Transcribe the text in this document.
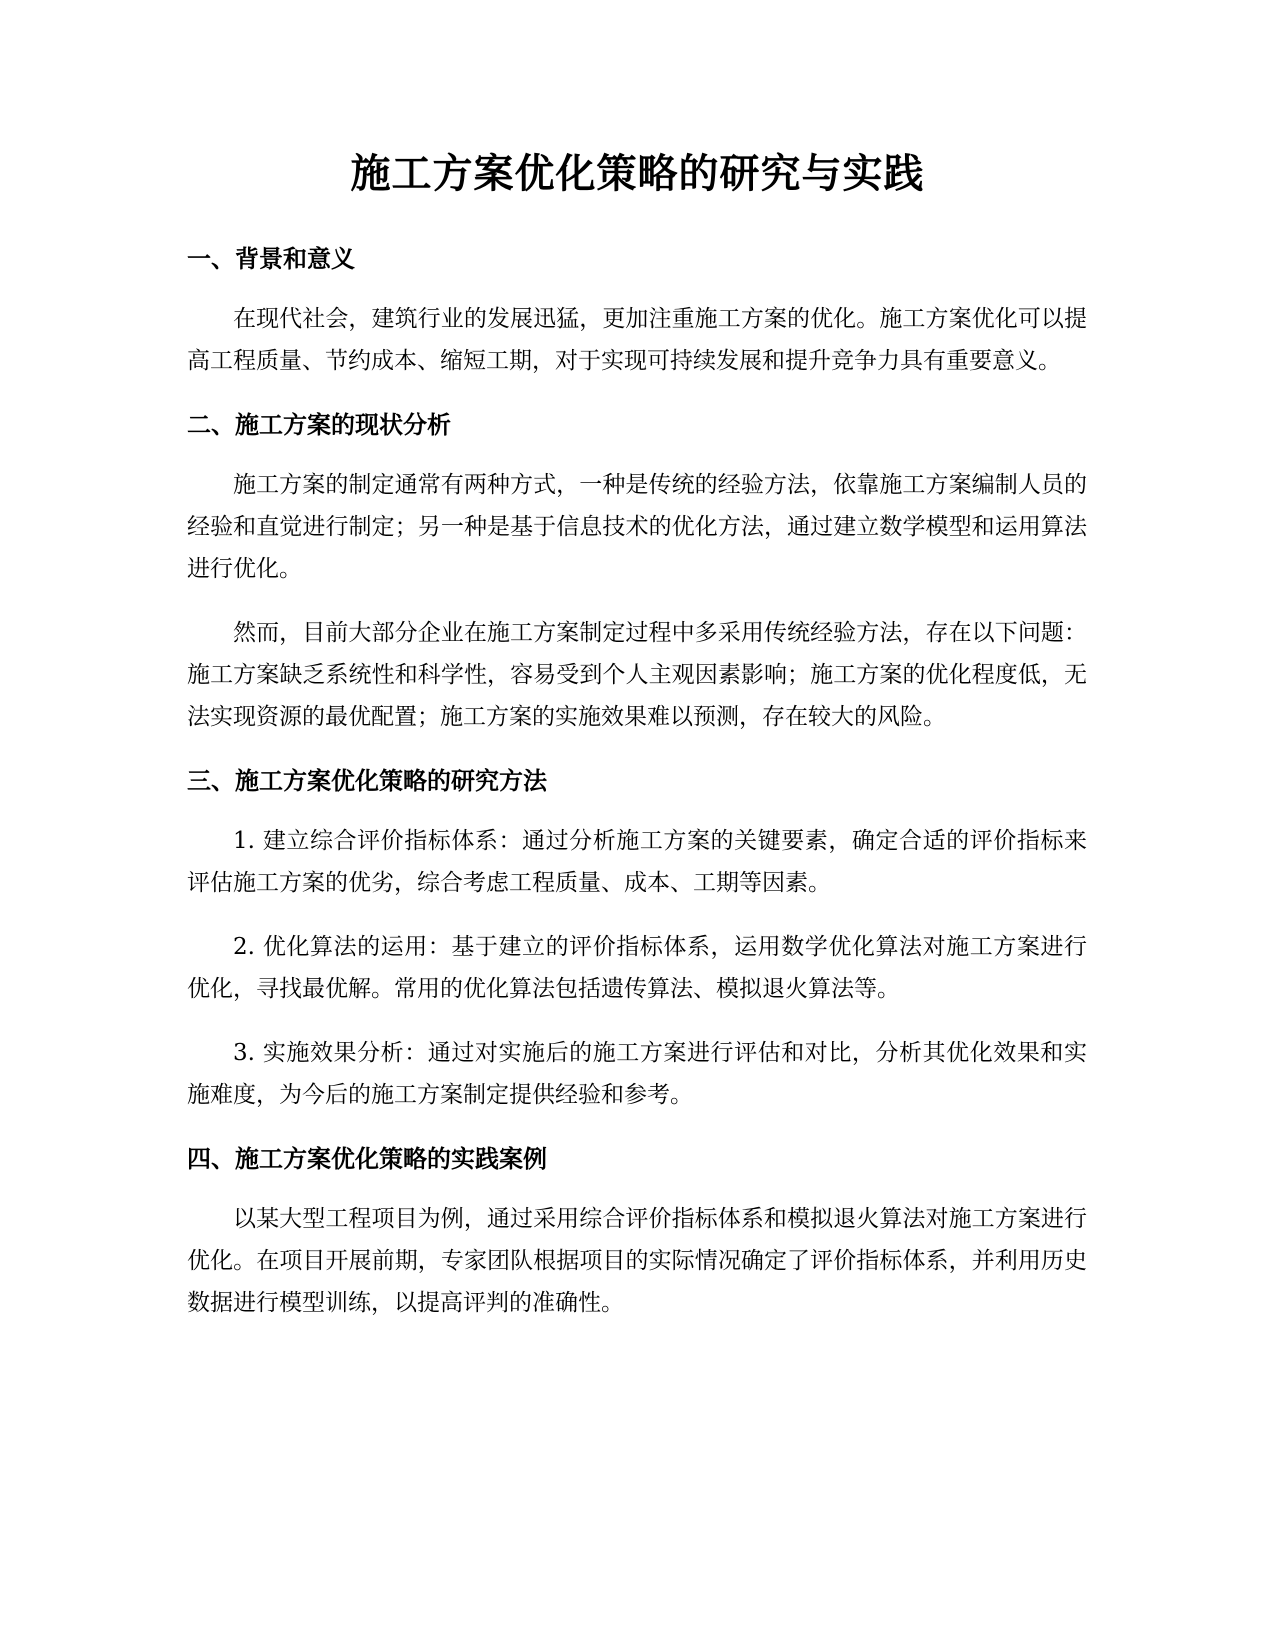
施工方案优化策略的研究与实践
一、背景和意义

在现代社会，建筑行业的发展迅猛，更加注重施工方案的优化。施工方案优化可以提高工程质量、节约成本、缩短工期，对于实现可持续发展和提升竞争力具有重要意义。

二、施工方案的现状分析

施工方案的制定通常有两种方式，一种是传统的经验方法，依靠施工方案编制人员的经验和直觉进行制定；另一种是基于信息技术的优化方法，通过建立数学模型和运用算法进行优化。

然而，目前大部分企业在施工方案制定过程中多采用传统经验方法，存在以下问题：施工方案缺乏系统性和科学性，容易受到个人主观因素影响；施工方案的优化程度低，无法实现资源的最优配置；施工方案的实施效果难以预测，存在较大的风险。

三、施工方案优化策略的研究方法

1. 建立综合评价指标体系：通过分析施工方案的关键要素，确定合适的评价指标来评估施工方案的优劣，综合考虑工程质量、成本、工期等因素。

2. 优化算法的运用：基于建立的评价指标体系，运用数学优化算法对施工方案进行优化，寻找最优解。常用的优化算法包括遗传算法、模拟退火算法等。

3. 实施效果分析：通过对实施后的施工方案进行评估和对比，分析其优化效果和实施难度，为今后的施工方案制定提供经验和参考。

四、施工方案优化策略的实践案例

以某大型工程项目为例，通过采用综合评价指标体系和模拟退火算法对施工方案进行优化。在项目开展前期，专家团队根据项目的实际情况确定了评价指标体系，并利用历史数据进行模型训练，以提高评判的准确性。
